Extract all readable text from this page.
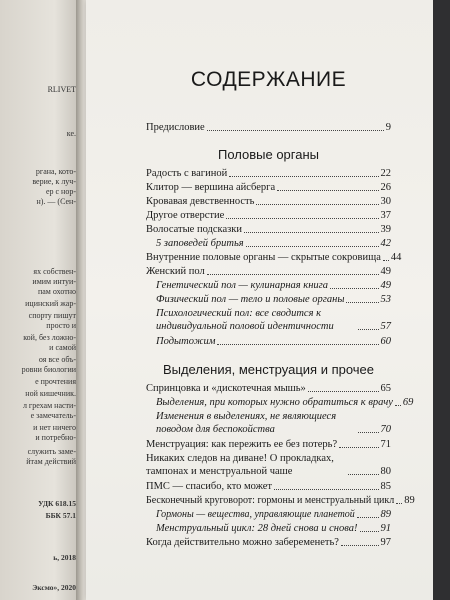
RLIVET
ке.
ргана, кото-
верие, к луч-
ер с нор-
н). — (Сен-
ях собствен-
имим интуи-
пам охотно
ицинский жар-
спорту пишут
просто и
кой, без ложно-
и самой
оя все объ-
ровни биологии
е прочтения
ной кишечник.
л грехам насти-
е замечатель-
и нет ничего
и потребно-
служить заме-
йтам действий
УДК 618.15
ББК 57.1
ь, 2018
Эксмо», 2020
СОДЕРЖАНИЕ
Предисловие	9
Половые органы
Радость с вагиной	22
Клитор — вершина айсберга	26
Кровавая девственность	30
Другое отверстие	37
Волосатые подсказки	39
5 заповедей бритья	42
Внутренние половые органы — скрытые сокровища 44
Женский пол	49
Генетический пол — кулинарная книга	49
Физический пол — тело и половые органы	53
Психологический пол: все сводится к индивидуальной половой идентичности	57
Подытожим	60
Выделения, менструация и прочее
Спринцовка и «дискотечная мышь»	65
Выделения, при которых нужно обратиться к врачу 69
Изменения в выделениях, не являющиеся поводом для беспокойства	70
Менструация: как пережить ее без потерь?	71
Никаких следов на диване! О прокладках, тампонах и менструальной чаше	80
ПМС — спасибо, кто может	85
Бесконечный круговорот: гормоны и менструальный цикл 89
Гормоны — вещества, управляющие планетой 89
Менструальный цикл: 28 дней снова и снова! 91
Когда действительно можно забеременеть?	97
